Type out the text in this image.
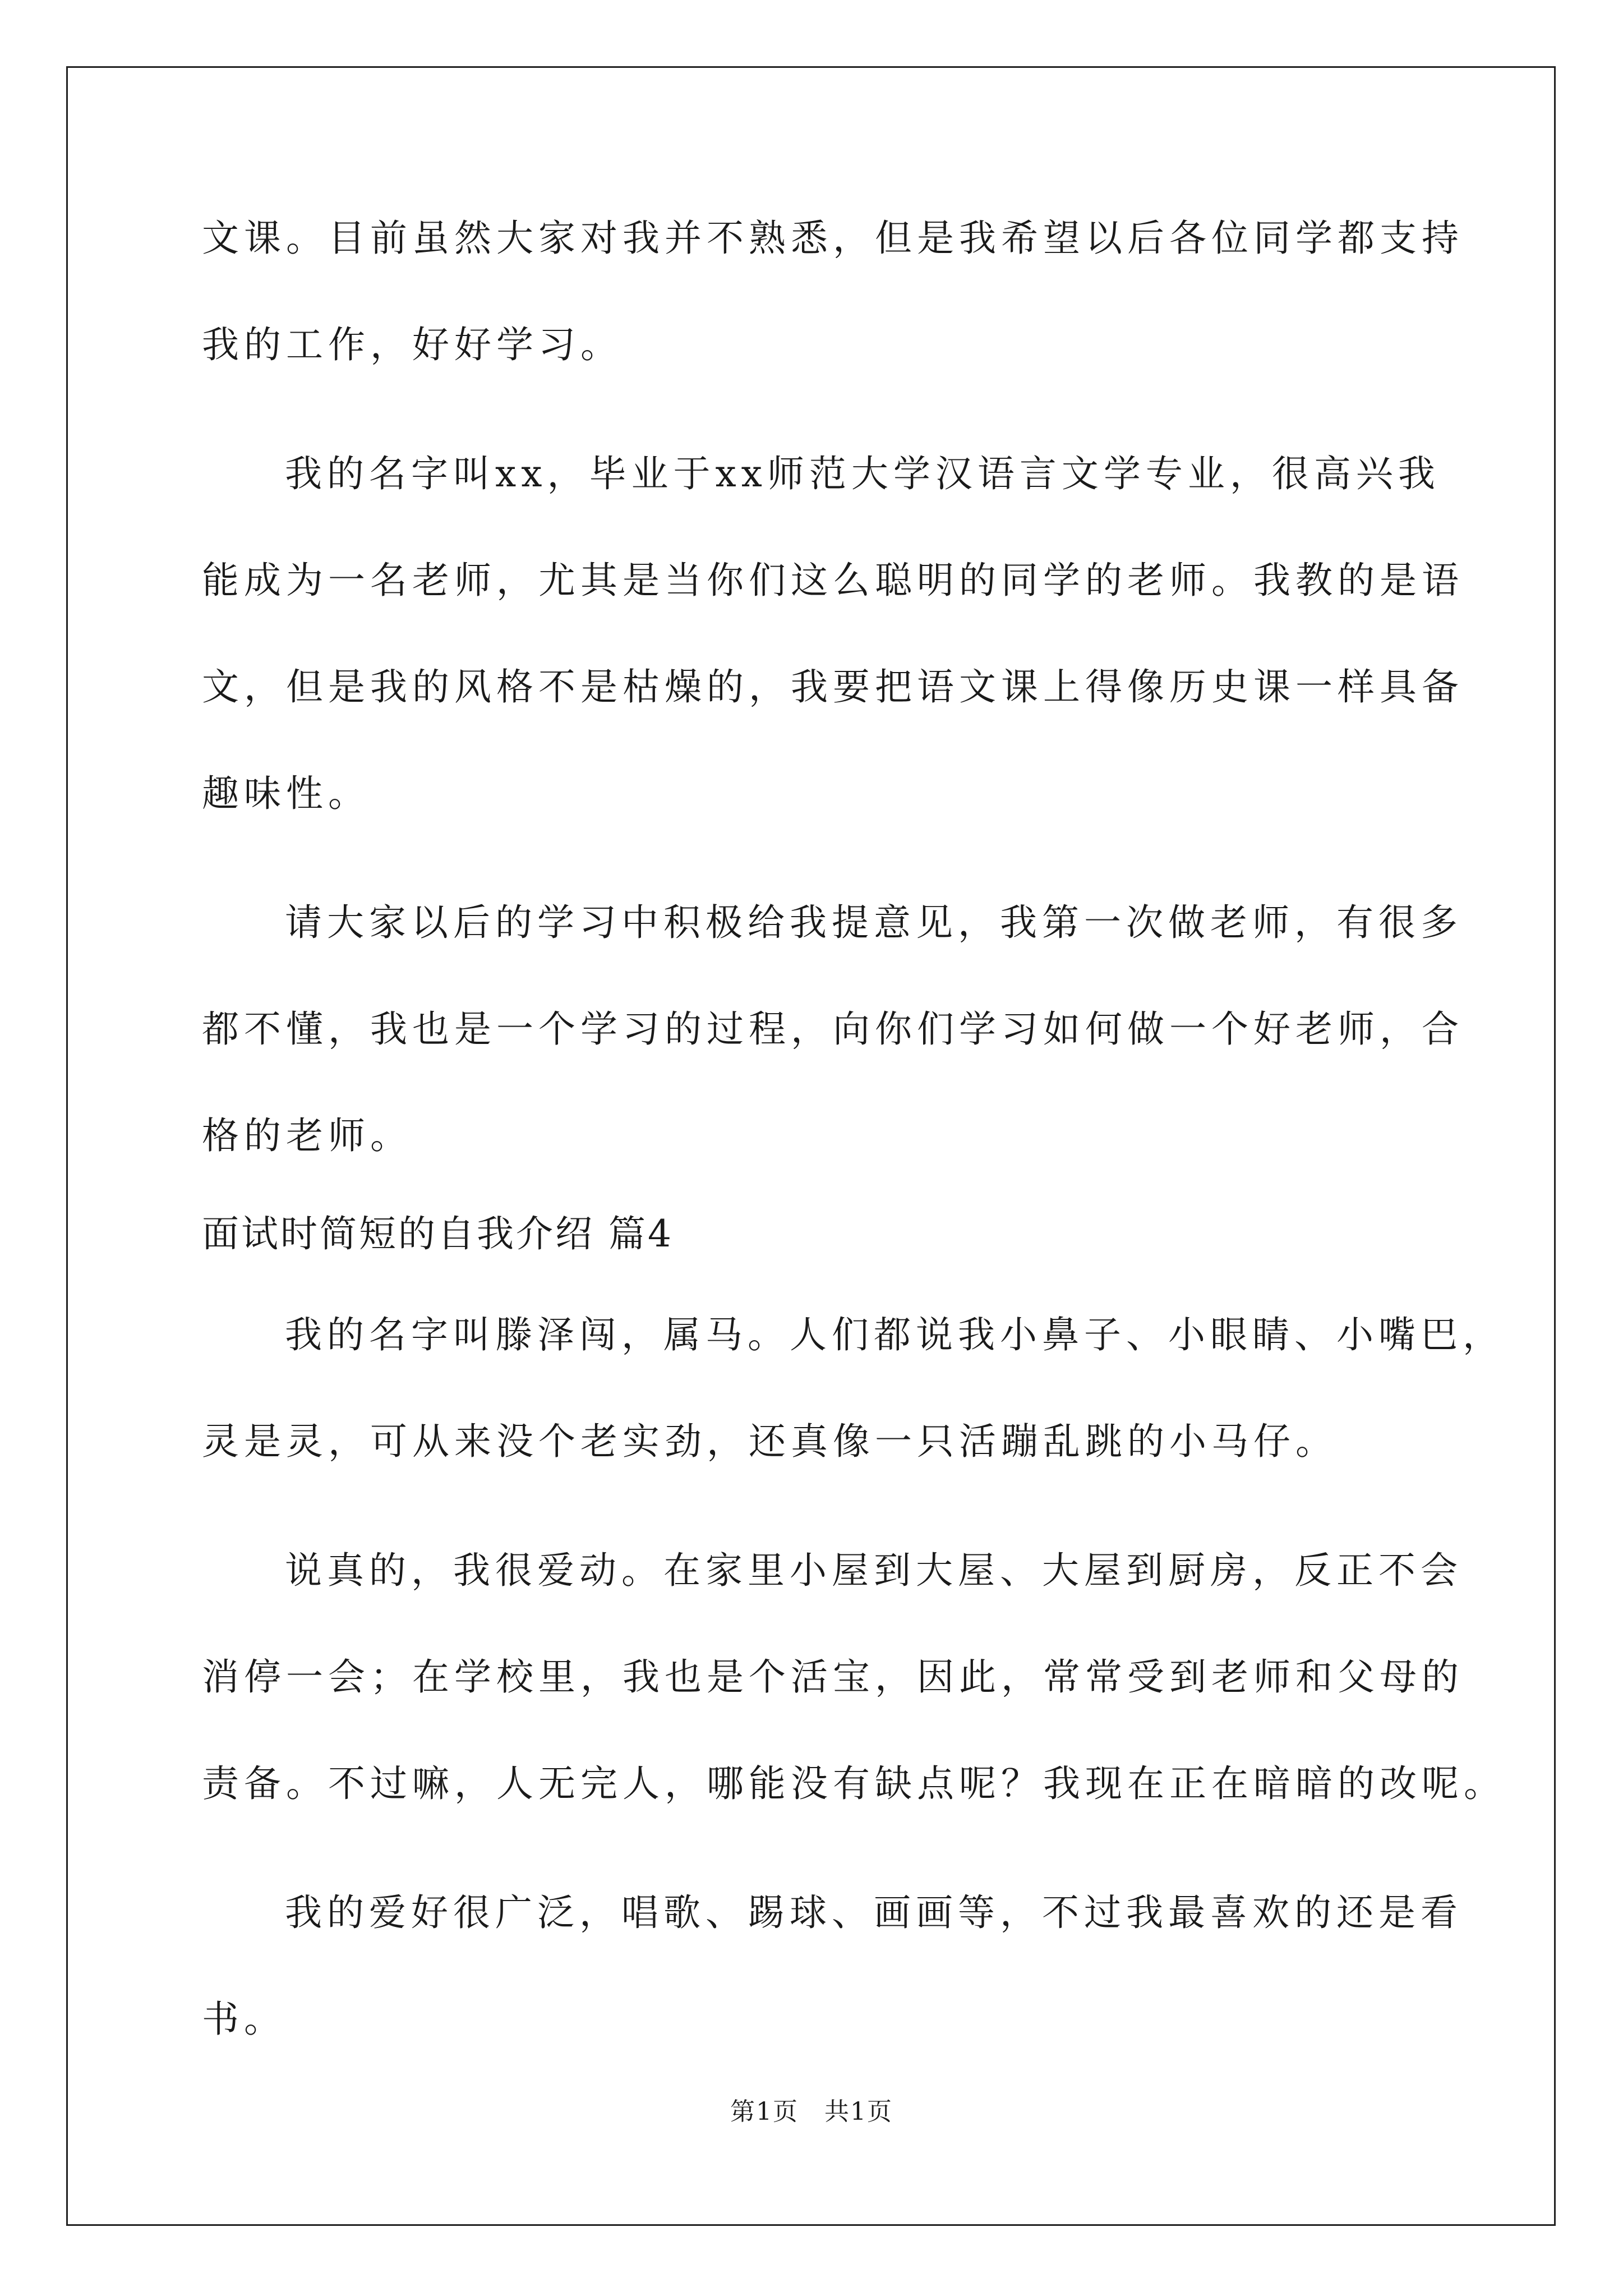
文课。目前虽然大家对我并不熟悉，但是我希望以后各位同学都支持
我的工作，好好学习。
我的名字叫xx，毕业于xx师范大学汉语言文学专业，很高兴我
能成为一名老师，尤其是当你们这么聪明的同学的老师。我教的是语
文，但是我的风格不是枯燥的，我要把语文课上得像历史课一样具备
趣味性。
请大家以后的学习中积极给我提意见，我第一次做老师，有很多
都不懂，我也是一个学习的过程，向你们学习如何做一个好老师，合
格的老师。
面试时简短的自我介绍 篇4
我的名字叫滕泽闯，属马。人们都说我小鼻子、小眼睛、小嘴巴，
灵是灵，可从来没个老实劲，还真像一只活蹦乱跳的小马仔。
说真的，我很爱动。在家里小屋到大屋、大屋到厨房，反正不会
消停一会；在学校里，我也是个活宝，因此，常常受到老师和父母的
责备。不过嘛，人无完人，哪能没有缺点呢？我现在正在暗暗的改呢。
我的爱好很广泛，唱歌、踢球、画画等，不过我最喜欢的还是看
书。
第1页　共1页
